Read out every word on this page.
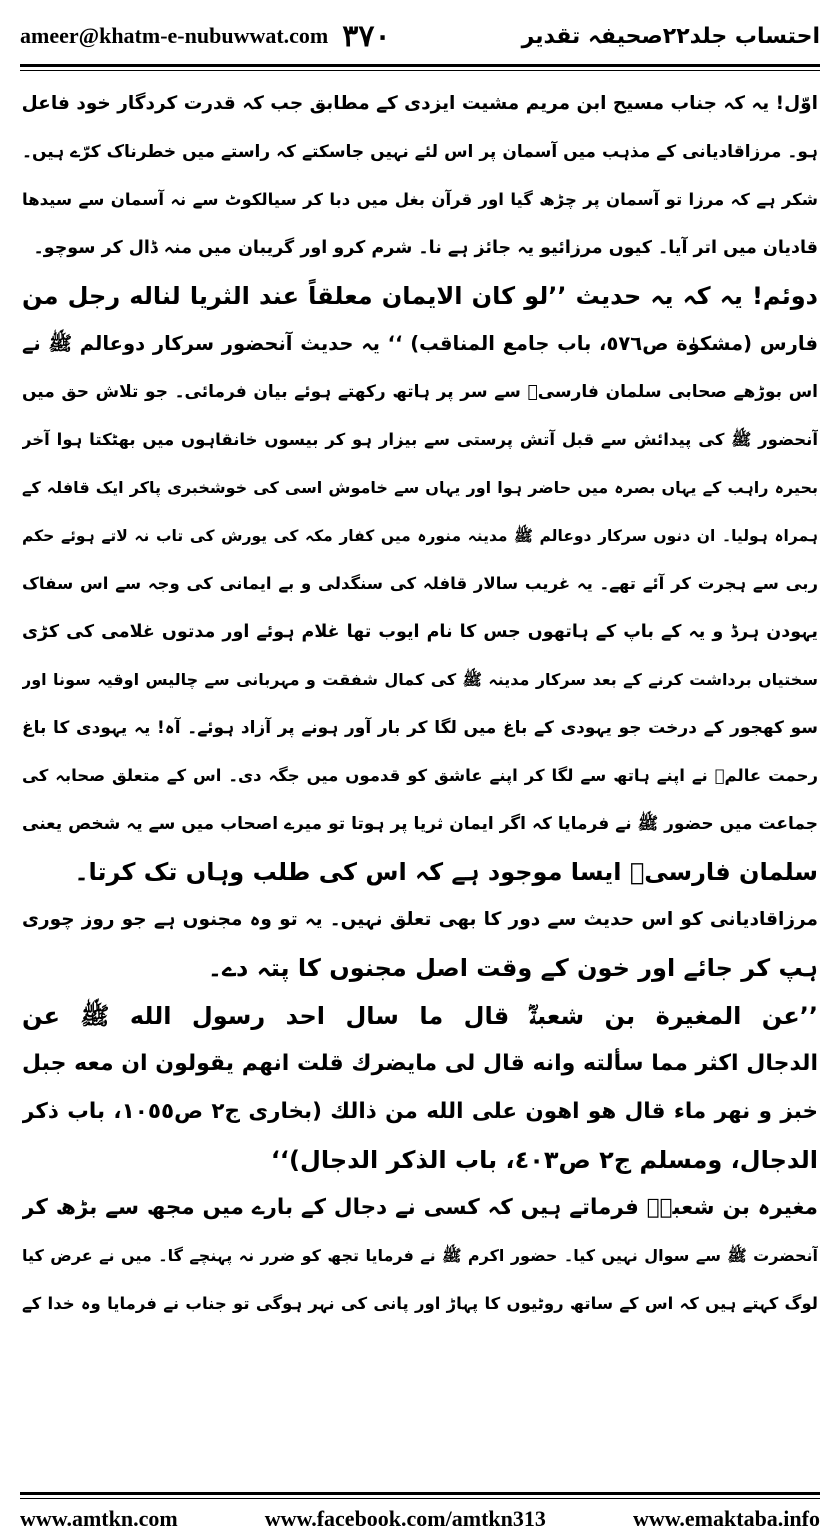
ameer@khatm-e-nubuwwat.com ۳۷۰	احتساب جلد۲۲صحیفہ تقدیر
اوّل! یہ کہ جناب مسیح ابن مریم مشیت ایزدی کے مطابق جب کہ قدرت کردگار خود فاعل
ہو۔ مرزاقادیانی کے مذہب میں آسمان پر اس لئے نہیں جاسکتے کہ راستے میں خطرناک کرّے ہیں۔
شکر ہے کہ مرزا تو آسمان پر چڑھ گیا اور قرآن بغل میں دبا کر سیالکوٹ سے نہ آسمان سے سیدھا
قادیان میں اتر آیا۔ کیوں مرزائیو یہ جائز ہے نا۔ شرم کرو اور گریبان میں منہ ڈال کر سوچو۔
دوئم! یہ کہ یہ حدیث ’’لو كان الايمان معلقاً عند الثريا لناله رجل من
فارس (مشكوٰة ص٥٧٦، باب جامع المناقب) ‘‘ یہ حدیث آنحضور سرکار دوعالم ﷺ نے
اس بوڑھے صحابی سلمان فارسیؓ سے سر پر ہاتھ رکھتے ہوئے بیان فرمائی۔ جو تلاش حق میں
آنحضور ﷺ کی پیدائش سے قبل آتش پرستی سے بیزار ہو کر بیسوں خانقاہوں میں بھٹکتا ہوا آخر
بحیرہ راہب کے یہاں بصرہ میں حاضر ہوا اور یہاں سے خاموش اسی کی خوشخبری پاکر ایک قافلہ کے
ہمراہ ہولیا۔ ان دنوں سرکار دوعالم ﷺ مدینہ منورہ میں کفار مکہ کی یورش کی تاب نہ لاتے ہوئے حکم
ربی سے ہجرت کر آئے تھے۔ یہ غریب سالار قافلہ کی سنگدلی و بے ایمانی کی وجہ سے اس سفاک
یہودن ہرڈ و یہ کے باپ کے ہاتھوں جس کا نام ایوب تھا غلام ہوئے اور مدتوں غلامی کی کڑی
سختیاں برداشت کرنے کے بعد سرکار مدینہ ﷺ کی کمال شفقت و مہربانی سے چالیس اوقیہ سونا اور
سو کھجور کے درخت جو یہودی کے باغ میں لگا کر بار آور ہونے پر آزاد ہوئے۔ آہ! یہ یہودی کا باغ
رحمت عالمؐ نے اپنے ہاتھ سے لگا کر اپنے عاشق کو قدموں میں جگہ دی۔ اس کے متعلق صحابہ کی
جماعت میں حضور ﷺ نے فرمایا کہ اگر ایمان ثریا پر ہوتا تو میرے اصحاب میں سے یہ شخص یعنی
سلمان فارسیؓ ایسا موجود ہے کہ اس کی طلب وہاں تک کرتا۔
مرزاقادیانی کو اس حدیث سے دور کا بھی تعلق نہیں۔ یہ تو وہ مجنوں ہے جو روز چوری
ہپ کر جائے اور خون کے وقت اصل مجنوں کا پتہ دے۔
’’عن المغيرة بن شعبةؓ قال ما سال احد رسول الله ﷺ عن
الدجال اكثر مما سألته وانه قال لى مايضرك قلت انهم يقولون ان معه جبل
خبز و نهر ماء قال هو اهون على الله من ذالك (بخارى ج٢ ص١٠٥٥، باب ذكر
الدجال، ومسلم ج٢ ص٤٠٣، باب الذكر الدجال)‘‘
مغیرہ بن شعبہؓ فرماتے ہیں کہ کسی نے دجال کے بارے میں مجھ سے بڑھ کر
آنحضرت ﷺ سے سوال نہیں کیا۔ حضور اکرم ﷺ نے فرمایا تجھ کو ضرر نہ پہنچے گا۔ میں نے عرض کیا
لوگ کہتے ہیں کہ اس کے ساتھ روٹیوں کا پہاڑ اور پانی کی نہر ہوگی تو جناب نے فرمایا وہ خدا کے
www.amtkn.com	www.facebook.com/amtkn313	www.emaktaba.info
